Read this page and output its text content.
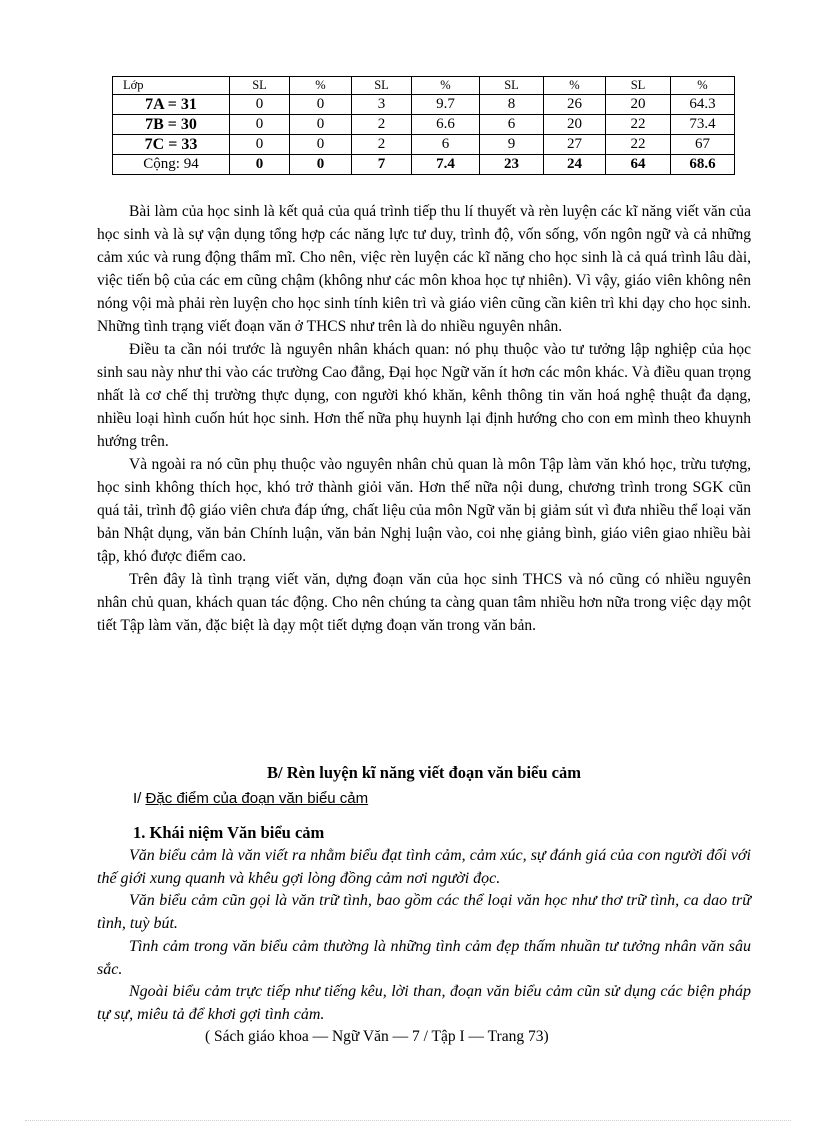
Lớp	SL	%	SL	%	SL	%	SL	%
7A = 31	0	0	3	9.7	8	26	20	64.3
7B = 30	0	0	2	6.6	6	20	22	73.4
7C = 33	0	0	2	6	9	27	22	67
Cộng: 94	0	0	7	7.4	23	24	64	68.6

Bài làm của học sinh là kết quả của quá trình tiếp thu lí thuyết và rèn luyện các kĩ năng viết văn của học sinh và là sự vận dụng tổng hợp các năng lực tư duy, trình độ, vốn sống, vốn ngôn ngữ và cả những cảm xúc và rung động thẩm mĩ. Cho nên, việc rèn luyện các kĩ năng cho học sinh là cả quá trình lâu dài, việc tiến bộ của các em cũng chậm (không như các môn khoa học tự nhiên). Vì vậy, giáo viên không nên nóng vội mà phải rèn luyện cho học sinh tính kiên trì và giáo viên cũng cần kiên trì khi dạy cho học sinh. Những tình trạng viết đoạn văn ở THCS như trên là do nhiều nguyên nhân.

Điều ta cần nói trước là nguyên nhân khách quan: nó phụ thuộc vào tư tưởng lập nghiệp của học sinh sau này như thi vào các trường Cao đẳng, Đại học Ngữ văn ít hơn các môn khác. Và điều quan trọng nhất là cơ chế thị trường thực dụng, con người khó khăn, kênh thông tin văn hoá nghệ thuật đa dạng, nhiều loại hình cuốn hút học sinh. Hơn thế nữa phụ huynh lại định hướng cho con em mình theo khuynh hướng trên.

Và ngoài ra nó cũn phụ thuộc vào nguyên nhân chủ quan là môn Tập làm văn khó học, trừu tượng, học sinh không thích học, khó trở thành giỏi văn. Hơn thế nữa nội dung, chương trình trong SGK cũn quá tải, trình độ giáo viên chưa đáp ứng, chất liệu của môn Ngữ văn bị giảm sút vì đưa nhiều thể loại văn bản Nhật dụng, văn bản Chính luận, văn bản Nghị luận vào, coi nhẹ giảng bình, giáo viên giao nhiều bài tập, khó được điểm cao.

Trên đây là tình trạng viết văn, dựng đoạn văn của học sinh THCS và nó cũng có nhiều nguyên nhân chủ quan, khách quan tác động. Cho nên chúng ta càng quan tâm nhiều hơn nữa trong việc dạy một tiết Tập làm văn, đặc biệt là dạy một tiết dựng đoạn văn trong văn bản.

B/ Rèn luyện kĩ năng viết đoạn văn biểu cảm
I/ Đặc điểm của đoạn văn biểu cảm
1. Khái niệm Văn biểu cảm

Văn biểu cảm là văn viết ra nhằm biểu đạt tình cảm, cảm xúc, sự đánh giá của con người đối với thế giới xung quanh và khêu gợi lòng đồng cảm nơi người đọc.

Văn biểu cảm cũn gọi là văn trữ tình, bao gồm các thể loại văn học như thơ trữ tình, ca dao trữ tình, tuỳ bút.

Tình cảm trong văn biểu cảm thường là những tình cảm đẹp thấm nhuần tư tưởng nhân văn sâu sắc.

Ngoài biểu cảm trực tiếp như tiếng kêu, lời than, đoạn văn biểu cảm cũn sử dụng các biện pháp tự sự, miêu tả để khơi gợi tình cảm.

( Sách giáo khoa — Ngữ Văn — 7 / Tập I — Trang 73)
